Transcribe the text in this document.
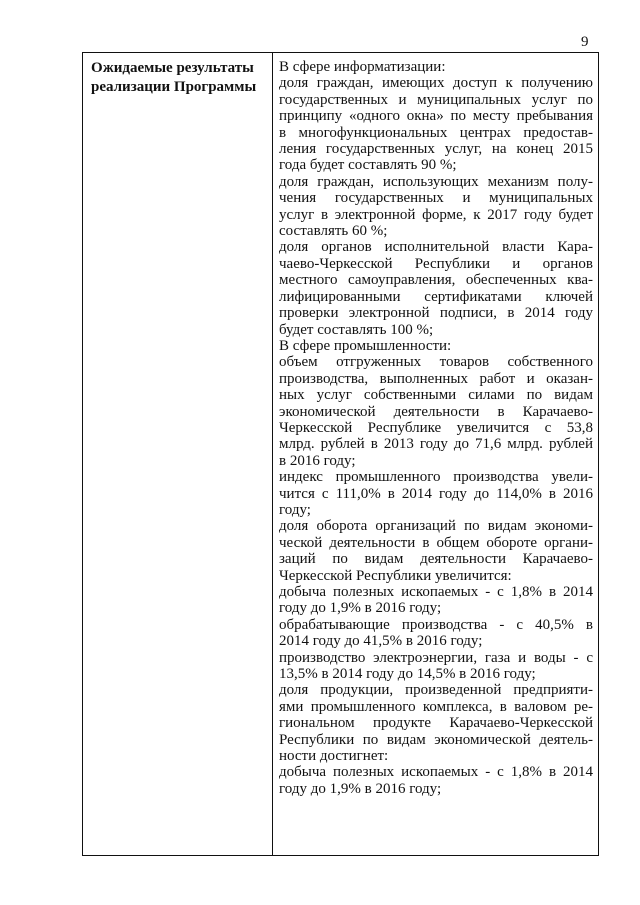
9
Ожидаемые результаты
реализации Программы
В сфере информатизации:
доля граждан, имеющих доступ к получению
государственных и муниципальных услуг по
принципу «одного окна» по месту пребывания
в многофункциональных центрах предостав-
ления государственных услуг, на конец 2015
года будет составлять 90 %;
доля граждан, использующих механизм полу-
чения государственных и муниципальных
услуг в электронной форме, к 2017 году будет
составлять 60 %;
доля органов исполнительной власти Кара-
чаево-Черкесской Республики и органов
местного самоуправления, обеспеченных ква-
лифицированными сертификатами ключей
проверки электронной подписи, в 2014 году
будет составлять 100 %;
В сфере промышленности:
объем отгруженных товаров собственного
производства, выполненных работ и оказан-
ных услуг собственными силами по видам
экономической деятельности в Карачаево-
Черкесской Республике увеличится с 53,8
млрд. рублей в 2013 году до 71,6 млрд. рублей
в 2016 году;
индекс промышленного производства увели-
чится с 111,0% в 2014 году до 114,0% в 2016
году;
доля оборота организаций по видам экономи-
ческой деятельности в общем обороте органи-
заций по видам деятельности Карачаево-
Черкесской Республики увеличится:
добыча полезных ископаемых - с 1,8% в 2014
году до 1,9% в 2016 году;
обрабатывающие производства - с 40,5% в
2014 году до 41,5% в 2016 году;
производство электроэнергии, газа и воды - с
13,5% в 2014 году до 14,5% в 2016 году;
доля продукции, произведенной предприяти-
ями промышленного комплекса, в валовом ре-
гиональном продукте Карачаево-Черкесской
Республики по видам экономической деятель-
ности достигнет:
добыча полезных ископаемых - с 1,8% в 2014
году до 1,9% в 2016 году;
